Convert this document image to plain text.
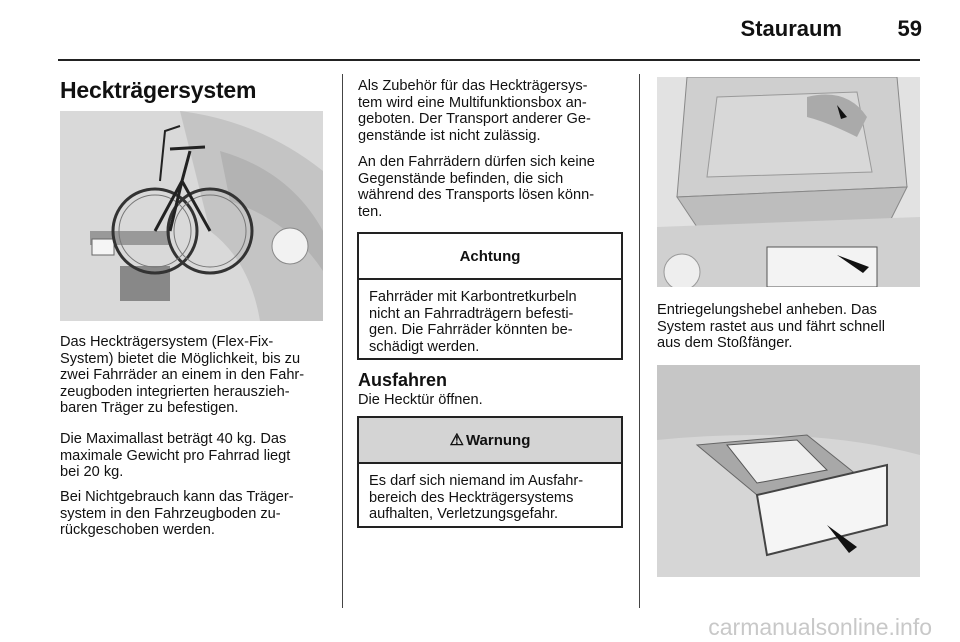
Stauraum	59
Heckträgersystem
Das Heckträgersystem (Flex-Fix-
System) bietet die Möglichkeit, bis zu
zwei Fahrräder an einem in den Fahr-
zeugboden integrierten herauszieh-
baren Träger zu befestigen.
Die Maximallast beträgt 40 kg. Das
maximale Gewicht pro Fahrrad liegt
bei 20 kg.
Bei Nichtgebrauch kann das Träger-
system in den Fahrzeugboden zu-
rückgeschoben werden.
Als Zubehör für das Heckträgersys-
tem wird eine Multifunktionsbox an-
geboten. Der Transport anderer Ge-
genstände ist nicht zulässig.
An den Fahrrädern dürfen sich keine
Gegenstände befinden, die sich
während des Transports lösen könn-
ten.
Achtung
Fahrräder mit Karbontretkurbeln
nicht an Fahrradträgern befesti-
gen. Die Fahrräder könnten be-
schädigt werden.
Ausfahren
Die Hecktür öffnen.
⚠ Warnung
Es darf sich niemand im Ausfahr-
bereich des Heckträgersystems
aufhalten, Verletzungsgefahr.
Entriegelungshebel anheben. Das
System rastet aus und fährt schnell
aus dem Stoßfänger.
carmanualsonline.info
